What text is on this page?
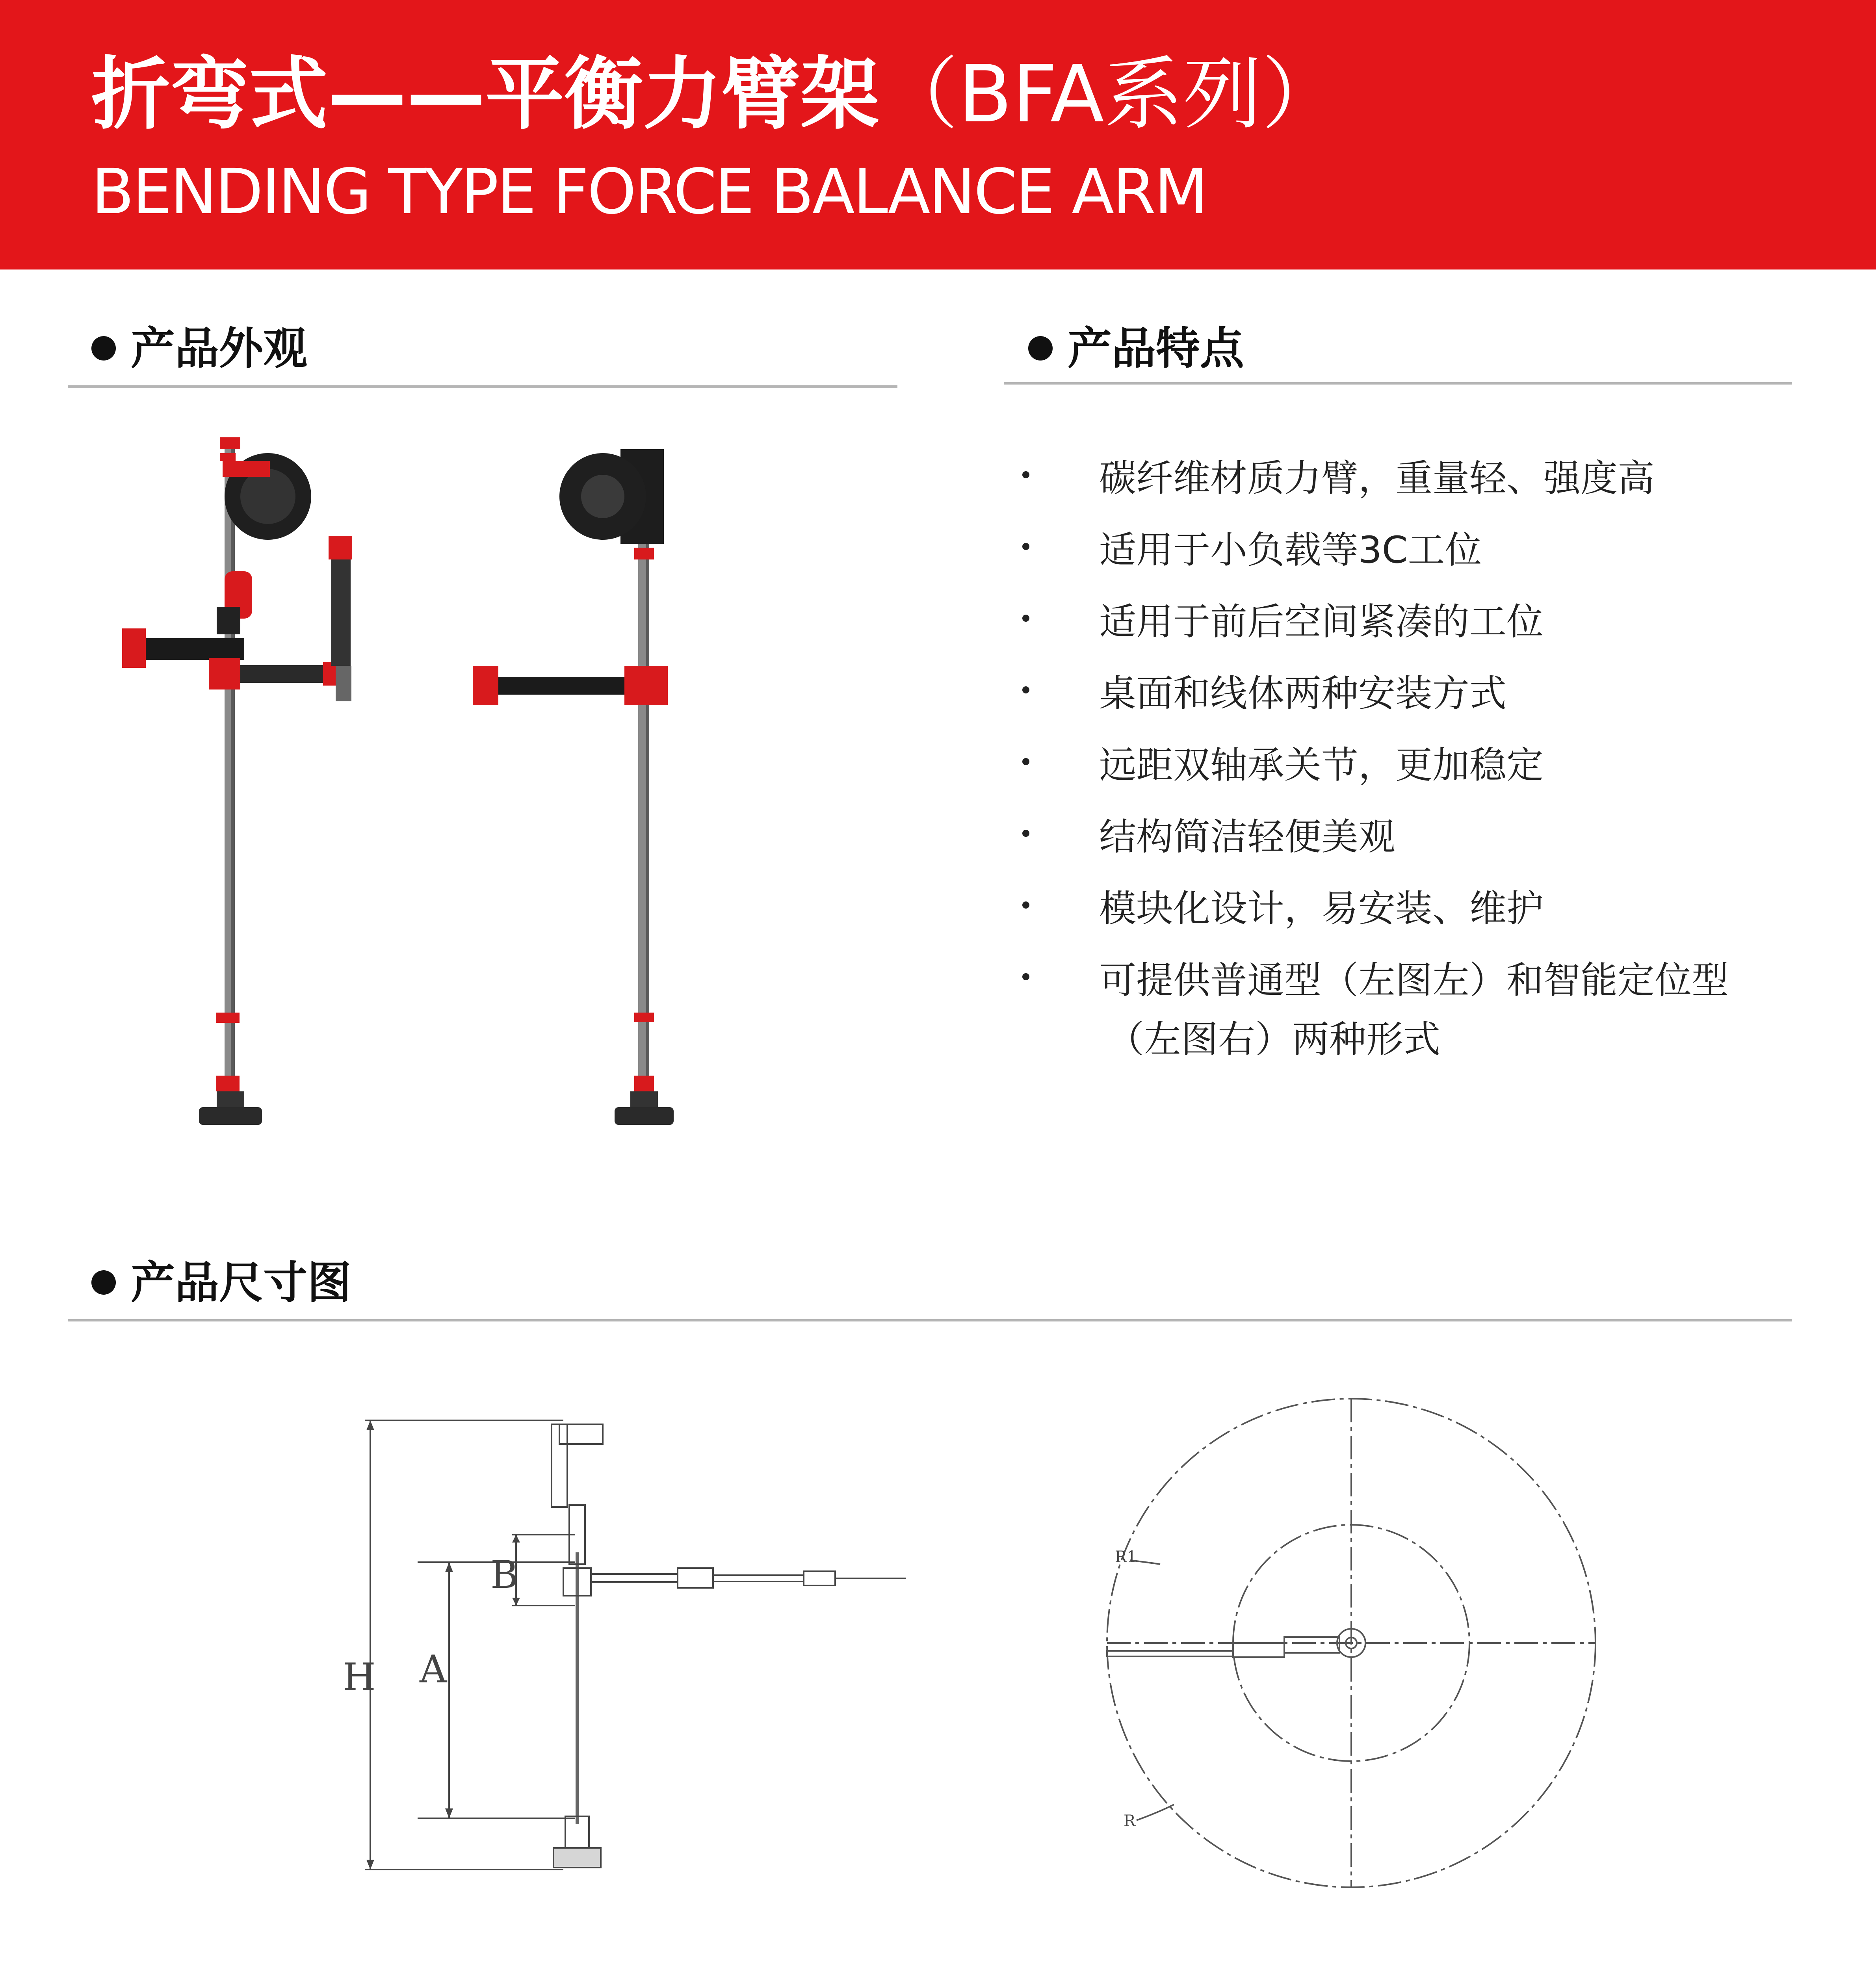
折弯式——平衡力臂架（BFA系列）
BENDING TYPE FORCE BALANCE ARM
产品外观	产品特点
碳纤维材质力臂，重量轻、强度高
适用于小负载等3C工位
适用于前后空间紧凑的工位
桌面和线体两种安装方式
远距双轴承关节，更加稳定
结构简洁轻便美观
模块化设计，易安装、维护
可提供普通型（左图左）和智能定位型
（左图右）两种形式
产品尺寸图
H A
B	R1
R
